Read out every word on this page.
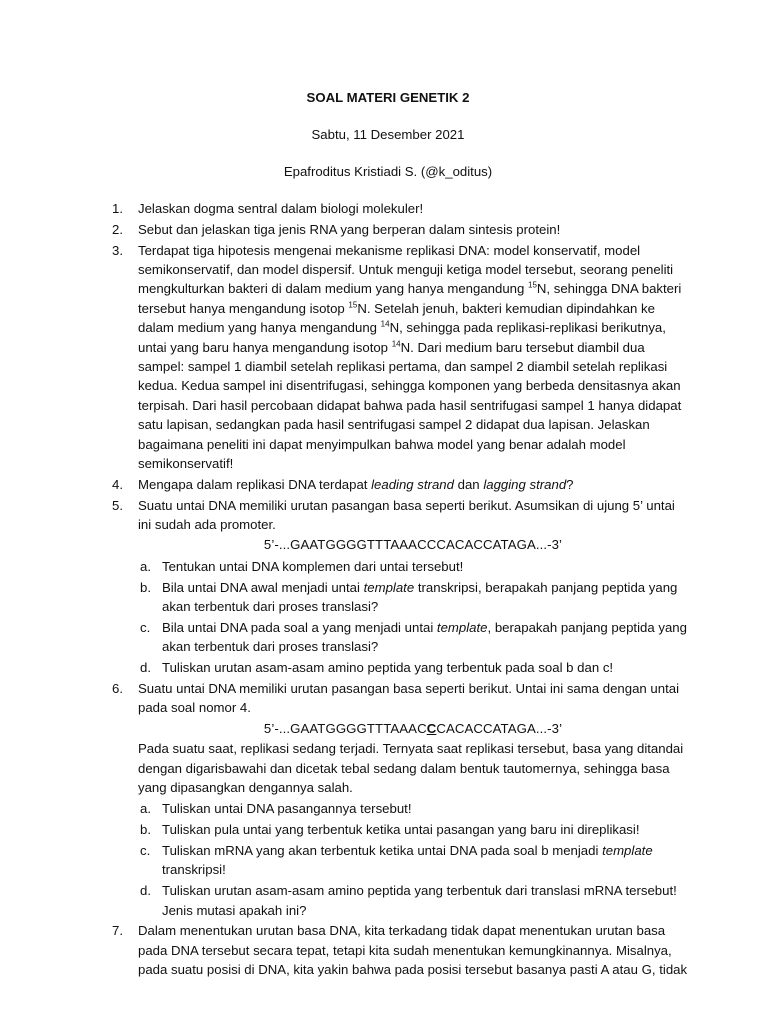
SOAL MATERI GENETIK 2

Sabtu, 11 Desember 2021

Epafroditus Kristiadi S. (@k_oditus)

1. Jelaskan dogma sentral dalam biologi molekuler!
2. Sebut dan jelaskan tiga jenis RNA yang berperan dalam sintesis protein!
3. Terdapat tiga hipotesis mengenai mekanisme replikasi DNA: model konservatif, model semikonservatif, dan model dispersif. Untuk menguji ketiga model tersebut, seorang peneliti mengkulturkan bakteri di dalam medium yang hanya mengandung $^{15}$N, sehingga DNA bakteri tersebut hanya mengandung isotop $^{15}$N. Setelah jenuh, bakteri kemudian dipindahkan ke dalam medium yang hanya mengandung $^{14}$N, sehingga pada replikasi-replikasi berikutnya, untai yang baru hanya mengandung isotop $^{14}$N. Dari medium baru tersebut diambil dua sampel: sampel 1 diambil setelah replikasi pertama, dan sampel 2 diambil setelah replikasi kedua. Kedua sampel ini disentrifugasi, sehingga komponen yang berbeda densitasnya akan terpisah. Dari hasil percobaan didapat bahwa pada hasil sentrifugasi sampel 1 hanya didapat satu lapisan, sedangkan pada hasil sentrifugasi sampel 2 didapat dua lapisan. Jelaskan bagaimana peneliti ini dapat menyimpulkan bahwa model yang benar adalah model semikonservatif!
4. Mengapa dalam replikasi DNA terdapat leading strand dan lagging strand?
5. Suatu untai DNA memiliki urutan pasangan basa seperti berikut. Asumsikan di ujung 5’ untai ini sudah ada promoter.
5’-...GAATGGGGTTTAAACCCACACCATAGA...-3’
a. Tentukan untai DNA komplemen dari untai tersebut!
b. Bila untai DNA awal menjadi untai template transkripsi, berapakah panjang peptida yang akan terbentuk dari proses translasi?
c. Bila untai DNA pada soal a yang menjadi untai template, berapakah panjang peptida yang akan terbentuk dari proses translasi?
d. Tuliskan urutan asam-asam amino peptida yang terbentuk pada soal b dan c!
6. Suatu untai DNA memiliki urutan pasangan basa seperti berikut. Untai ini sama dengan untai pada soal nomor 4.
5’-...GAATGGGGTTTAAACCCACACCATAGA...-3’
Pada suatu saat, replikasi sedang terjadi. Ternyata saat replikasi tersebut, basa yang ditandai dengan digarisbawahi dan dicetak tebal sedang dalam bentuk tautomernya, sehingga basa yang dipasangkan dengannya salah.
a. Tuliskan untai DNA pasangannya tersebut!
b. Tuliskan pula untai yang terbentuk ketika untai pasangan yang baru ini direplikasi!
c. Tuliskan mRNA yang akan terbentuk ketika untai DNA pada soal b menjadi template transkripsi!
d. Tuliskan urutan asam-asam amino peptida yang terbentuk dari translasi mRNA tersebut! Jenis mutasi apakah ini?
7. Dalam menentukan urutan basa DNA, kita terkadang tidak dapat menentukan urutan basa pada DNA tersebut secara tepat, tetapi kita sudah menentukan kemungkinannya. Misalnya, pada suatu posisi di DNA, kita yakin bahwa pada posisi tersebut basanya pasti A atau G, tidak
